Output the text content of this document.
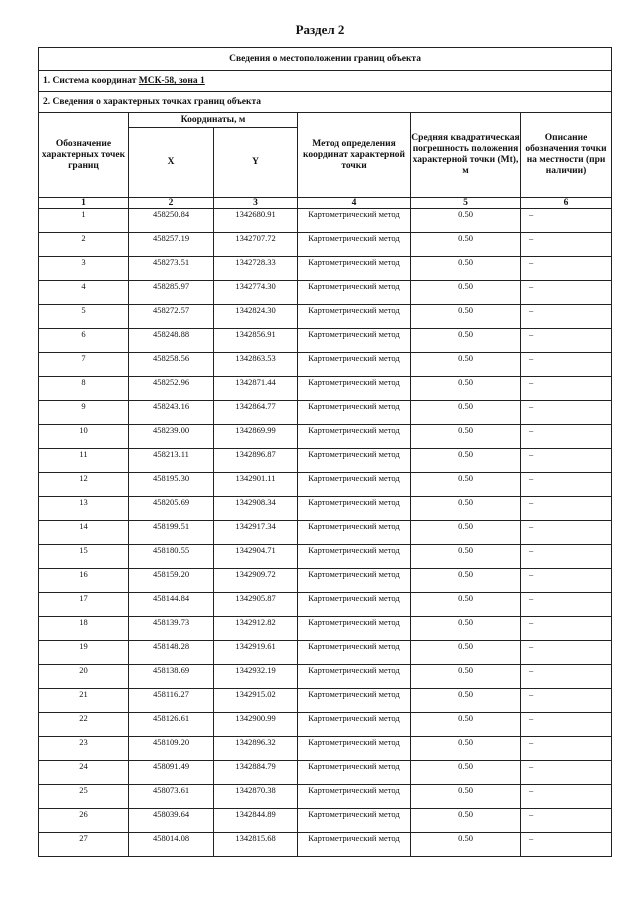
Раздел 2
Сведения о местоположении границ объекта					
1. Система координат МСК-58, зона 1					
2. Сведения о характерных точках границ объекта					
Обозначение характерных точек границ	Координаты, м		Метод определения координат характерной точки	Средняя квадратическая погрешность положения характерной точки (Mt), м	Описание обозначения точки на местности (при наличии)
	X	Y			
1	2	3	4	5	6
1	458250.84	1342680.91	Картометрический метод	0.50	–
2	458257.19	1342707.72	Картометрический метод	0.50	–
3	458273.51	1342728.33	Картометрический метод	0.50	–
4	458285.97	1342774.30	Картометрический метод	0.50	–
5	458272.57	1342824.30	Картометрический метод	0.50	–
6	458248.88	1342856.91	Картометрический метод	0.50	–
7	458258.56	1342863.53	Картометрический метод	0.50	–
8	458252.96	1342871.44	Картометрический метод	0.50	–
9	458243.16	1342864.77	Картометрический метод	0.50	–
10	458239.00	1342869.99	Картометрический метод	0.50	–
11	458213.11	1342896.87	Картометрический метод	0.50	–
12	458195.30	1342901.11	Картометрический метод	0.50	–
13	458205.69	1342908.34	Картометрический метод	0.50	–
14	458199.51	1342917.34	Картометрический метод	0.50	–
15	458180.55	1342904.71	Картометрический метод	0.50	–
16	458159.20	1342909.72	Картометрический метод	0.50	–
17	458144.84	1342905.87	Картометрический метод	0.50	–
18	458139.73	1342912.82	Картометрический метод	0.50	–
19	458148.28	1342919.61	Картометрический метод	0.50	–
20	458138.69	1342932.19	Картометрический метод	0.50	–
21	458116.27	1342915.02	Картометрический метод	0.50	–
22	458126.61	1342900.99	Картометрический метод	0.50	–
23	458109.20	1342896.32	Картометрический метод	0.50	–
24	458091.49	1342884.79	Картометрический метод	0.50	–
25	458073.61	1342870.38	Картометрический метод	0.50	–
26	458039.64	1342844.89	Картометрический метод	0.50	–
27	458014.08	1342815.68	Картометрический метод	0.50	–
